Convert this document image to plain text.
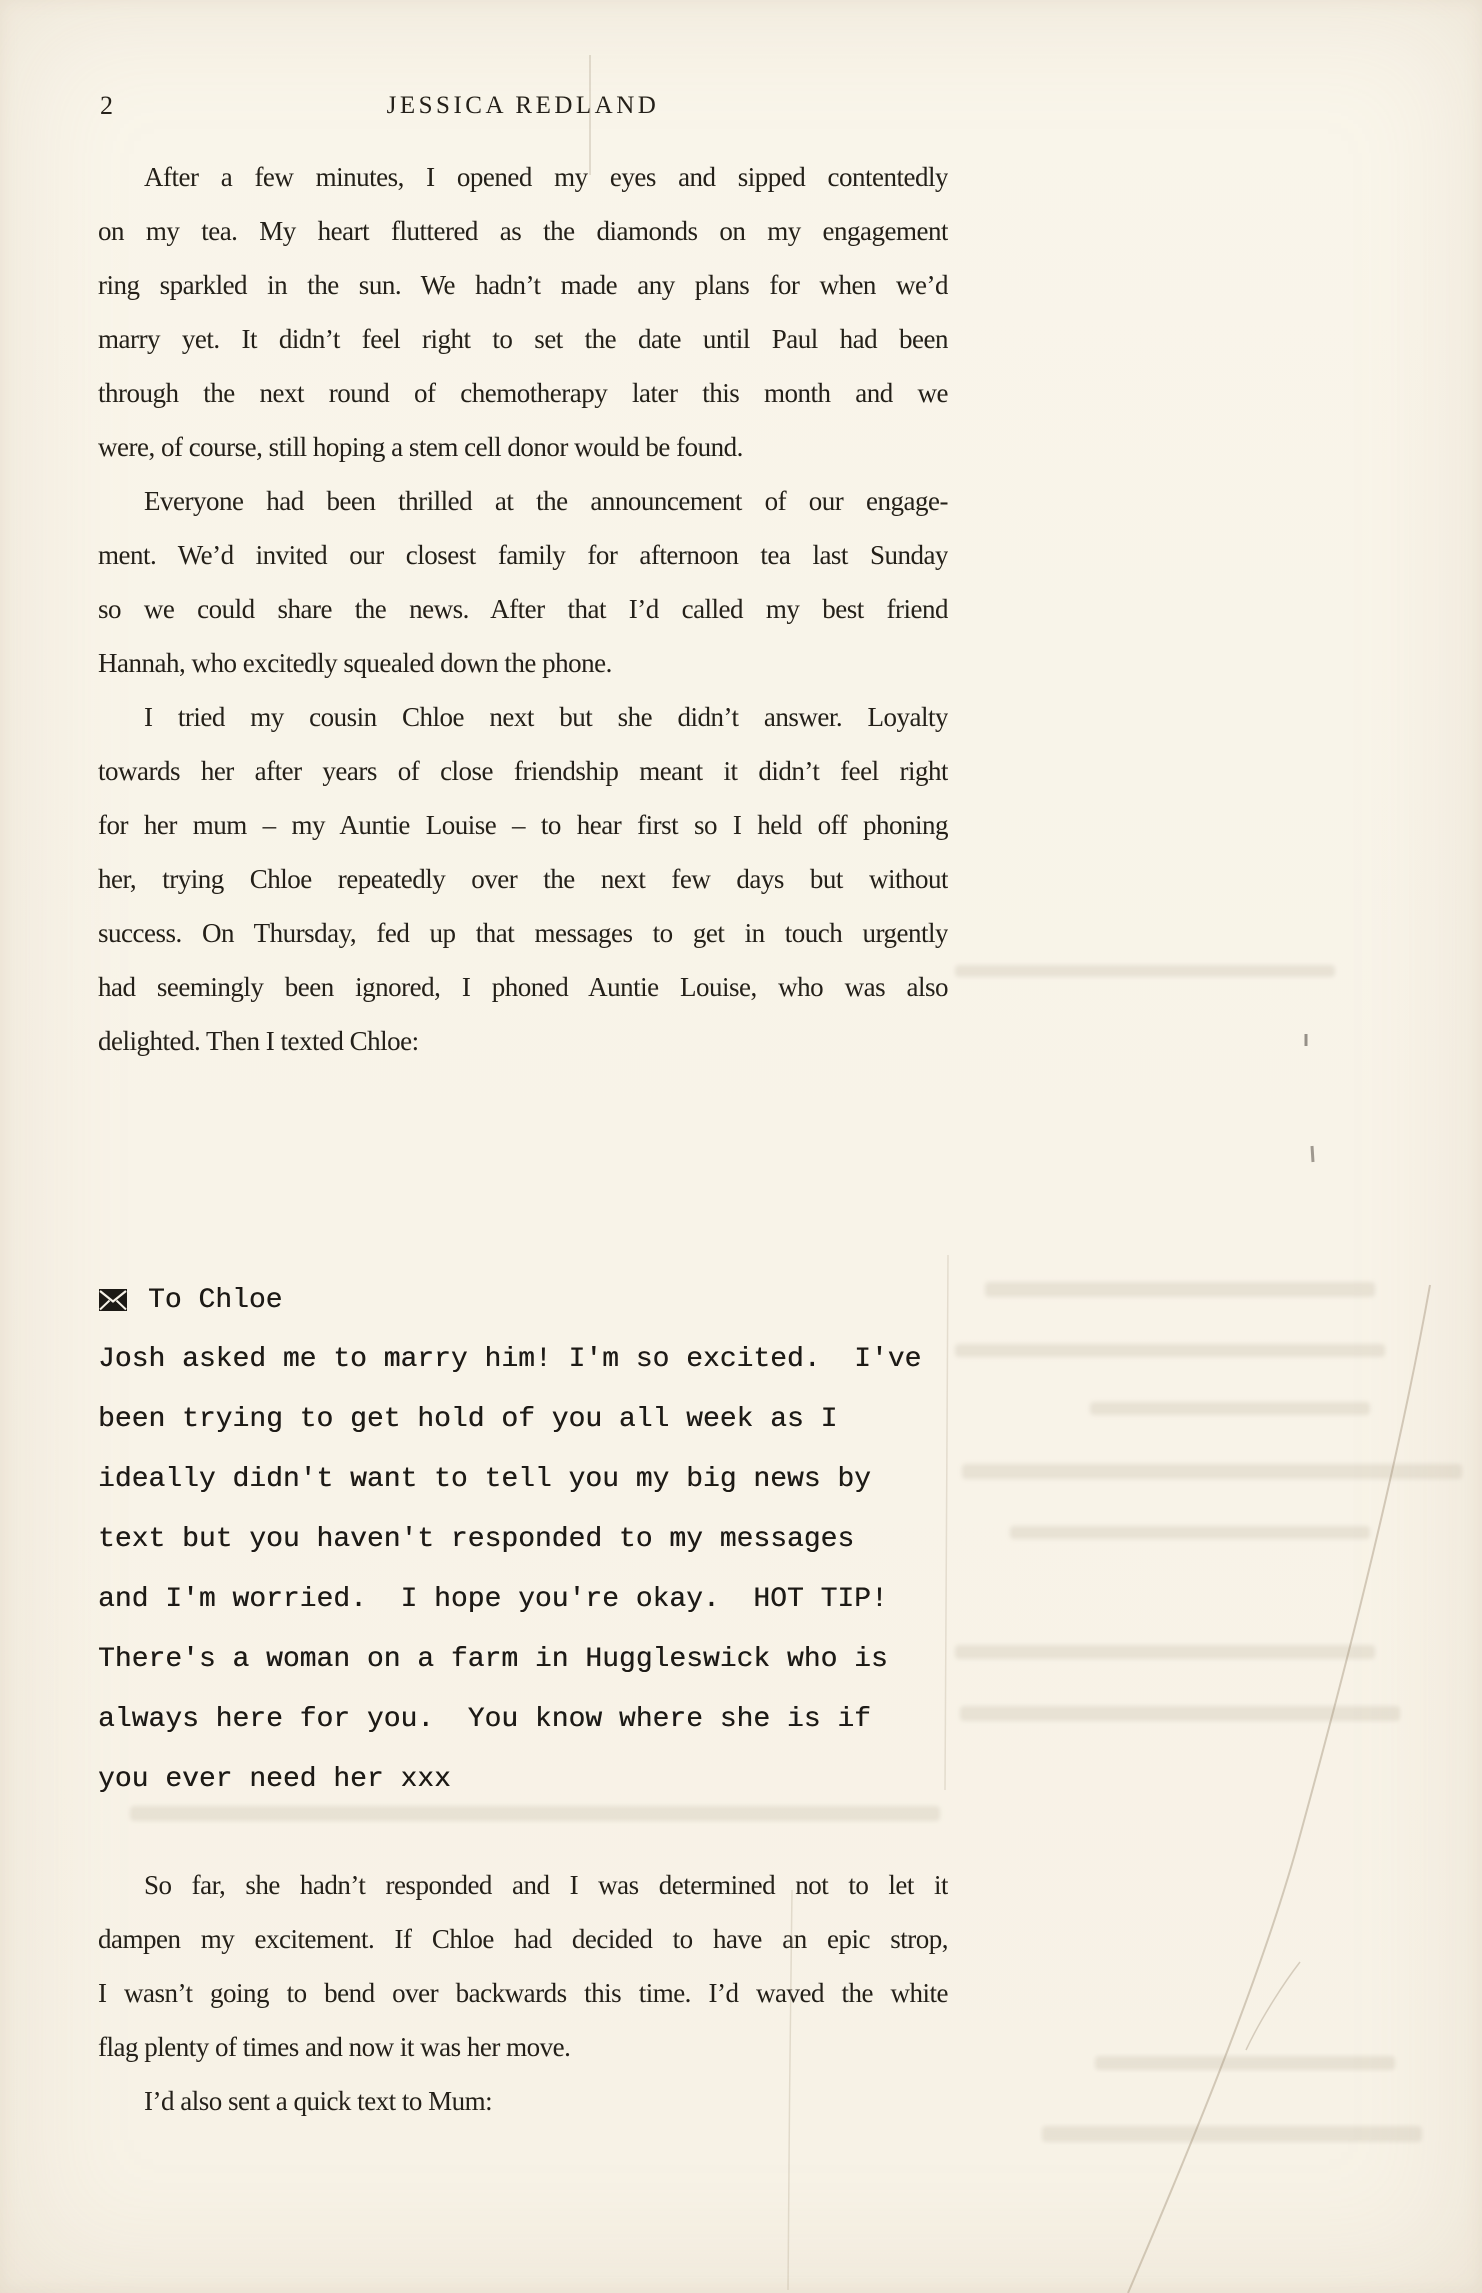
2	JESSICA REDLAND
After a few minutes, I opened my eyes and sipped contentedly
on my tea. My heart fluttered as the diamonds on my engagement
ring sparkled in the sun. We hadn’t made any plans for when we’d
marry yet. It didn’t feel right to set the date until Paul had been
through the next round of chemotherapy later this month and we
were, of course, still hoping a stem cell donor would be found.
Everyone had been thrilled at the announcement of our engage-
ment. We’d invited our closest family for afternoon tea last Sunday
so we could share the news. After that I’d called my best friend
Hannah, who excitedly squealed down the phone.
I tried my cousin Chloe next but she didn’t answer. Loyalty
towards her after years of close friendship meant it didn’t feel right
for her mum – my Auntie Louise – to hear first so I held off phoning
her, trying Chloe repeatedly over the next few days but without
success. On Thursday, fed up that messages to get in touch urgently
had seemingly been ignored, I phoned Auntie Louise, who was also
delighted. Then I texted Chloe:
To Chloe
Josh asked me to marry him! I'm so excited.  I've
been trying to get hold of you all week as I
ideally didn't want to tell you my big news by
text but you haven't responded to my messages
and I'm worried.  I hope you're okay.  HOT TIP!
There's a woman on a farm in Huggleswick who is
always here for you.  You know where she is if
you ever need her xxx
So far, she hadn’t responded and I was determined not to let it
dampen my excitement. If Chloe had decided to have an epic strop,
I wasn’t going to bend over backwards this time. I’d waved the white
flag plenty of times and now it was her move.
I’d also sent a quick text to Mum:
